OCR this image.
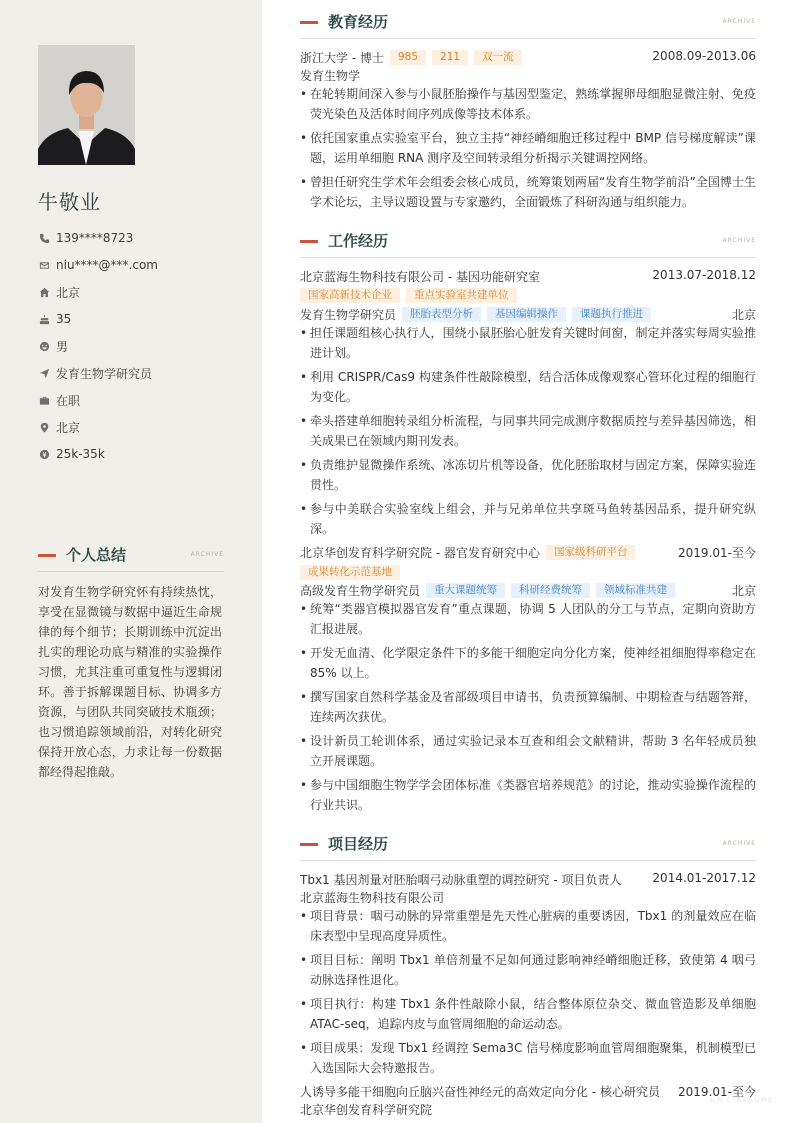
牛敬业
139****8723
niu****@***.com
北京
35
男
发育生物学研究员
在职
北京
25k-35k
个人总结	ARCHIVE
对发育生物学研究怀有持续热忱，享受在显微镜与数据中逼近生命规律的每个细节；长期训练中沉淀出扎实的理论功底与精准的实验操作习惯，尤其注重可重复性与逻辑闭环。善于拆解课题目标、协调多方资源，与团队共同突破技术瓶颈；也习惯追踪领域前沿，对转化研究保持开放心态，力求让每一份数据都经得起推敲。
教育经历	ARCHIVE
浙江大学 - 博士	985	211	双一流	2008.09-2013.06
发育生物学
• 在轮转期间深入参与小鼠胚胎操作与基因型鉴定，熟练掌握卵母细胞显微注射、免疫荧光染色及活体时间序列成像等技术体系。
• 依托国家重点实验室平台，独立主持“神经嵴细胞迁移过程中 BMP 信号梯度解读”课题，运用单细胞 RNA 测序及空间转录组分析揭示关键调控网络。
• 曾担任研究生学术年会组委会核心成员，统筹策划两届“发育生物学前沿”全国博士生学术论坛，主导议题设置与专家邀约，全面锻炼了科研沟通与组织能力。
工作经历	ARCHIVE
北京蓝海生物科技有限公司 - 基因功能研究室	2013.07-2018.12
国家高新技术企业	重点实验室共建单位
发育生物学研究员	胚胎表型分析	基因编辑操作	课题执行推进	北京
• 担任课题组核心执行人，围绕小鼠胚胎心脏发育关键时间窗，制定并落实每周实验推进计划。
• 利用 CRISPR/Cas9 构建条件性敲除模型，结合活体成像观察心管环化过程的细胞行为变化。
• 牵头搭建单细胞转录组分析流程，与同事共同完成测序数据质控与差异基因筛选，相关成果已在领域内期刊发表。
• 负责维护显微操作系统、冰冻切片机等设备，优化胚胎取材与固定方案，保障实验连贯性。
• 参与中美联合实验室线上组会，并与兄弟单位共享斑马鱼转基因品系，提升研究纵深。
北京华创发育科学研究院 - 器官发育研究中心	国家级科研平台	2019.01-至今
成果转化示范基地
高级发育生物学研究员	重大课题统筹	科研经费统筹	领域标准共建	北京
• 统筹“类器官模拟器官发育”重点课题，协调 5 人团队的分工与节点，定期向资助方汇报进展。
• 开发无血清、化学限定条件下的多能干细胞定向分化方案，使神经祖细胞得率稳定在 85% 以上。
• 撰写国家自然科学基金及省部级项目申请书，负责预算编制、中期检查与结题答辩，连续两次获优。
• 设计新员工轮训体系，通过实验记录本互查和组会文献精讲，帮助 3 名年轻成员独立开展课题。
• 参与中国细胞生物学学会团体标准《类器官培养规范》的讨论，推动实验操作流程的行业共识。
项目经历	ARCHIVE
Tbx1 基因剂量对胚胎咽弓动脉重塑的调控研究 - 项目负责人	2014.01-2017.12
北京蓝海生物科技有限公司
• 项目背景：咽弓动脉的异常重塑是先天性心脏病的重要诱因，Tbx1 的剂量效应在临床表型中呈现高度异质性。
• 项目目标：阐明 Tbx1 单倍剂量不足如何通过影响神经嵴细胞迁移，致使第 4 咽弓动脉选择性退化。
• 项目执行：构建 Tbx1 条件性敲除小鼠，结合整体原位杂交、微血管造影及单细胞 ATAC-seq，追踪内皮与血管周细胞的命运动态。
• 项目成果：发现 Tbx1 经调控 Sema3C 信号梯度影响血管周细胞聚集，机制模型已入选国际大会特邀报告。
人诱导多能干细胞向丘脑兴奋性神经元的高效定向分化 - 核心研究员 2019.01-至今
北京华创发育科学研究院
五百丁 RESUME
